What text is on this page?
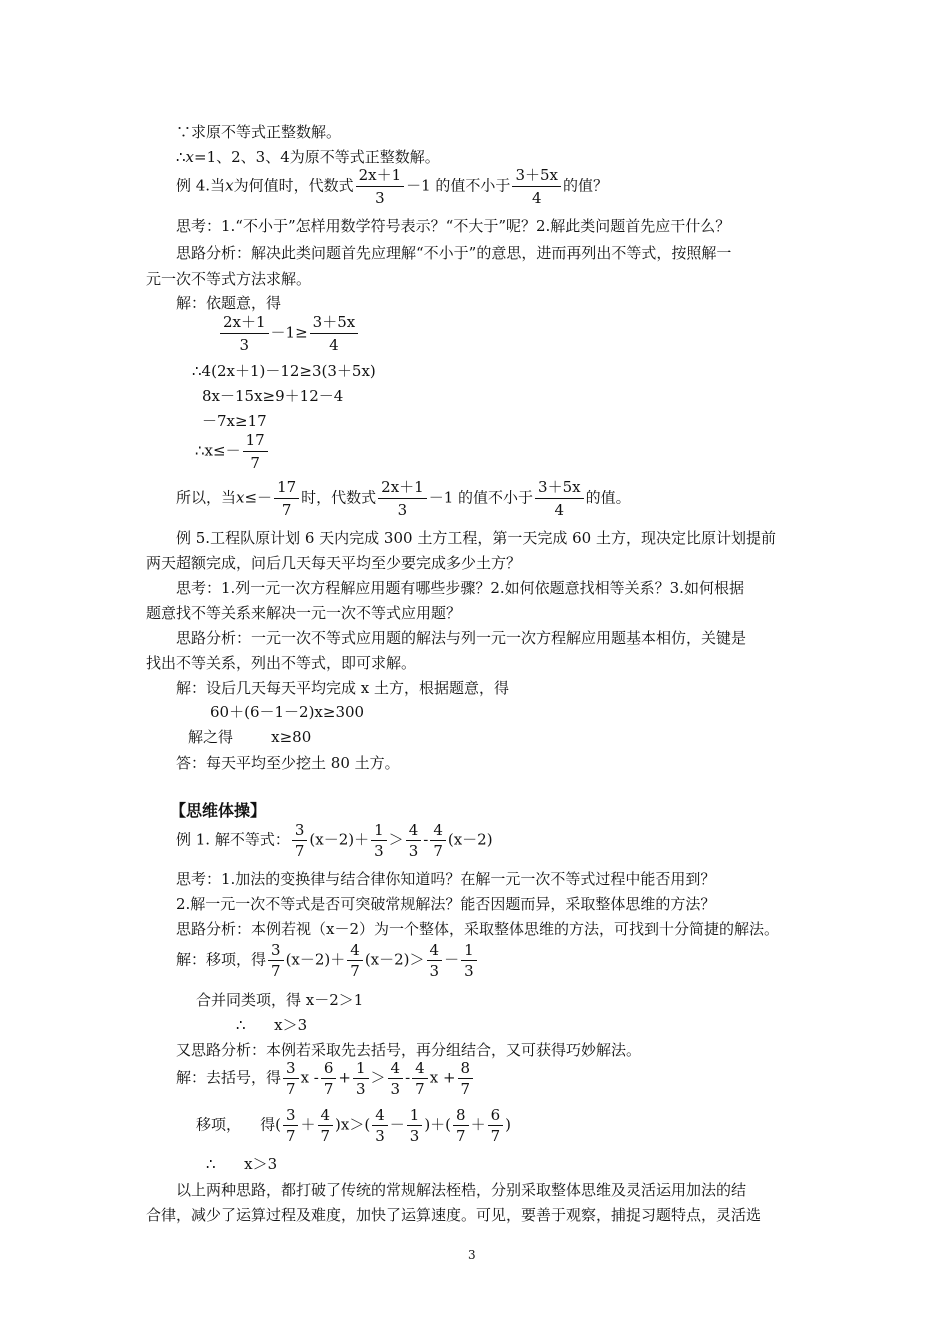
∵求原不等式正整数解。
∴x=1、2、3、4为原不等式正整数解。
例 4.当x为何值时，代数式 $\frac{2x+1}{3} -1$ 的值不小于 $\frac{3+5x}{4}$ 的值？
思考：1.“不小于”怎样用数学符号表示？“不大于”呢？2.解此类问题首先应干什么？
思路分析：解决此类问题首先应理解“不小于”的意思，进而再列出不等式，按照解一
元一次不等式方法求解。
解：依题意，得
$\frac{2x+1}{3} -1\ge \frac{3+5x}{4}$
∴4(2x＋1)－12≥3(3＋5x)
8x－15x≥9＋12－4
－7x≥17
∴x≤－ $\frac{17}{7}$
所以，当$x\le- \frac{17}{7}$ 时，代数式 $\frac{2x+1}{3} -1$ 的值不小于 $\frac{3+5x}{4}$ 的值。
例 5.工程队原计划 6 天内完成 300 土方工程，第一天完成 60 土方，现决定比原计划提前
两天超额完成，问后几天每天平均至少要完成多少土方？
思考：1.列一元一次方程解应用题有哪些步骤？2.如何依题意找相等关系？3.如何根据
题意找不等关系来解决一元一次不等式应用题？
思路分析：一元一次不等式应用题的解法与列一元一次方程解应用题基本相仿，关键是
找出不等关系，列出不等式，即可求解。
解：设后几天每天平均完成 x 土方，根据题意，得
60＋(6－1－2)x≥300
解之得        x≥80
答：每天平均至少挖土 80 土方。
【思维体操】
例 1. 解不等式： $\frac{3}{7} (x-2)+ \frac{1}{3} > \frac{4}{3} - \frac{4}{7} (x-2)$
思考：1.加法的变换律与结合律你知道吗？在解一元一次不等式过程中能否用到？
2.解一元一次不等式是否可突破常规解法？能否因题而异，采取整体思维的方法？
思路分析：本例若视（x－2）为一个整体，采取整体思维的方法，可找到十分简捷的解法。
解：移项，得 $\frac{3}{7} (x-2)+ \frac{4}{7} (x-2)> \frac{4}{3} - \frac{1}{3}$
合并同类项，得 x－2＞1
∴      x＞3
又思路分析：本例若采取先去括号，再分组结合，又可获得巧妙解法。
解：去括号，得 $\frac{3}{7}$ $x - \frac{6}{7} + \frac{1}{3} > \frac{4}{3} - \frac{4}{7}$ $x + \frac{8}{7}$
移项，    得( $\frac{3}{7} + \frac{4}{7} )x>( \frac{4}{3} - \frac{1}{3}$ )＋( $\frac{8}{7} + \frac{6}{7}$ )
∴      x＞3
以上两种思路，都打破了传统的常规解法桎梏，分别采取整体思维及灵活运用加法的结
合律，减少了运算过程及难度，加快了运算速度。可见，要善于观察，捕捉习题特点，灵活选
3
